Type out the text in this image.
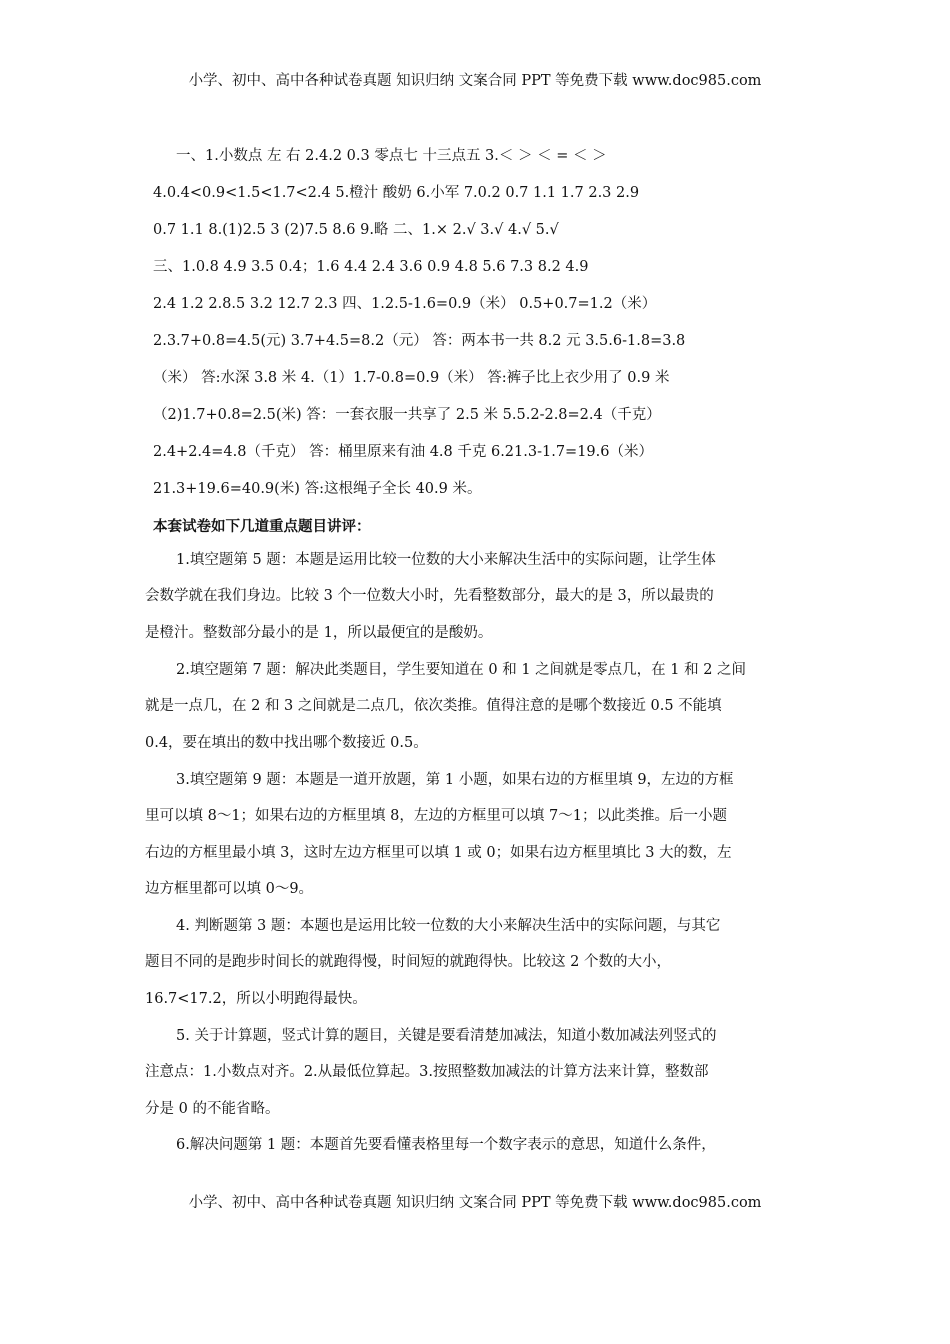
小学、初中、高中各种试卷真题 知识归纳 文案合同 PPT 等免费下载 www.doc985.com
一、1.小数点 左 右 2.4.2 0.3 零点七 十三点五 3.＜ ＞ ＜ = ＜ ＞
4.0.4<0.9<1.5<1.7<2.4 5.橙汁 酸奶 6.小军 7.0.2 0.7 1.1 1.7 2.3 2.9
0.7 1.1 8.(1)2.5 3 (2)7.5 8.6 9.略 二、1.× 2.√ 3.√ 4.√ 5.√
三、1.0.8 4.9 3.5 0.4；1.6 4.4 2.4 3.6 0.9 4.8 5.6 7.3 8.2 4.9
2.4 1.2 2.8.5 3.2 12.7 2.3 四、1.2.5-1.6=0.9（米） 0.5+0.7=1.2（米）
2.3.7+0.8=4.5(元) 3.7+4.5=8.2（元） 答：两本书一共 8.2 元 3.5.6-1.8=3.8
（米） 答:水深 3.8 米 4.（1）1.7-0.8=0.9（米） 答:裤子比上衣少用了 0.9 米
（2)1.7+0.8=2.5(米) 答：一套衣服一共享了 2.5 米 5.5.2-2.8=2.4（千克）
2.4+2.4=4.8（千克） 答：桶里原来有油 4.8 千克 6.21.3-1.7=19.6（米）
21.3+19.6=40.9(米) 答:这根绳子全长 40.9 米。
本套试卷如下几道重点题目讲评：
1.填空题第 5 题：本题是运用比较一位数的大小来解决生活中的实际问题，让学生体
会数学就在我们身边。比较 3 个一位数大小时，先看整数部分，最大的是 3，所以最贵的
是橙汁。整数部分最小的是 1，所以最便宜的是酸奶。
2.填空题第 7 题：解决此类题目，学生要知道在 0 和 1 之间就是零点几，在 1 和 2 之间
就是一点几，在 2 和 3 之间就是二点几，依次类推。值得注意的是哪个数接近 0.5 不能填
0.4，要在填出的数中找出哪个数接近 0.5。
3.填空题第 9 题：本题是一道开放题，第 1 小题，如果右边的方框里填 9，左边的方框
里可以填 8～1；如果右边的方框里填 8，左边的方框里可以填 7～1；以此类推。后一小题
右边的方框里最小填 3，这时左边方框里可以填 1 或 0；如果右边方框里填比 3 大的数，左
边方框里都可以填 0～9。
4. 判断题第 3 题：本题也是运用比较一位数的大小来解决生活中的实际问题，与其它
题目不同的是跑步时间长的就跑得慢，时间短的就跑得快。比较这 2 个数的大小，
16.7<17.2，所以小明跑得最快。
5. 关于计算题，竖式计算的题目，关键是要看清楚加减法，知道小数加减法列竖式的
注意点：1.小数点对齐。2.从最低位算起。3.按照整数加减法的计算方法来计算，整数部
分是 0 的不能省略。
6.解决问题第 1 题：本题首先要看懂表格里每一个数字表示的意思，知道什么条件，
小学、初中、高中各种试卷真题 知识归纳 文案合同 PPT 等免费下载 www.doc985.com
